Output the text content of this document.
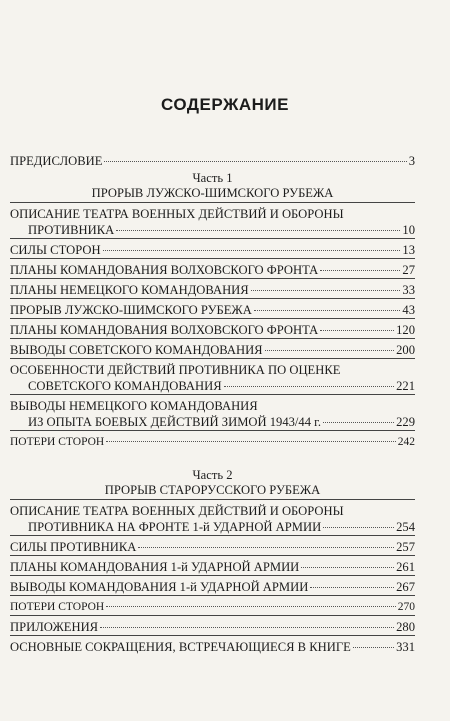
СОДЕРЖАНИЕ
ПРЕДИСЛОВИЕ	3
Часть 1
ПРОРЫВ ЛУЖСКО-ШИМСКОГО РУБЕЖА
ОПИСАНИЕ ТЕАТРА ВОЕННЫХ ДЕЙСТВИЙ И ОБОРОНЫ
ПРОТИВНИКА	10
СИЛЫ СТОРОН	13
ПЛАНЫ КОМАНДОВАНИЯ ВОЛХОВСКОГО ФРОНТА	27
ПЛАНЫ НЕМЕЦКОГО КОМАНДОВАНИЯ	33
ПРОРЫВ ЛУЖСКО-ШИМСКОГО РУБЕЖА	43
ПЛАНЫ КОМАНДОВАНИЯ ВОЛХОВСКОГО ФРОНТА	120
ВЫВОДЫ СОВЕТСКОГО КОМАНДОВАНИЯ	200
ОСОБЕННОСТИ ДЕЙСТВИЙ ПРОТИВНИКА ПО ОЦЕНКЕ
СОВЕТСКОГО КОМАНДОВАНИЯ	221
ВЫВОДЫ НЕМЕЦКОГО КОМАНДОВАНИЯ
ИЗ ОПЫТА БОЕВЫХ ДЕЙСТВИЙ ЗИМОЙ 1943/44 г.	229
ПОТЕРИ СТОРОН	242
Часть 2
ПРОРЫВ СТАРОРУССКОГО РУБЕЖА
ОПИСАНИЕ ТЕАТРА ВОЕННЫХ ДЕЙСТВИЙ И ОБОРОНЫ
ПРОТИВНИКА НА ФРОНТЕ 1-й УДАРНОЙ АРМИИ	254
СИЛЫ ПРОТИВНИКА	257
ПЛАНЫ КОМАНДОВАНИЯ 1-й УДАРНОЙ АРМИИ	261
ВЫВОДЫ КОМАНДОВАНИЯ 1-й УДАРНОЙ АРМИИ	267
ПОТЕРИ СТОРОН	270
ПРИЛОЖЕНИЯ	280
ОСНОВНЫЕ СОКРАЩЕНИЯ, ВСТРЕЧАЮЩИЕСЯ В КНИГЕ	331
